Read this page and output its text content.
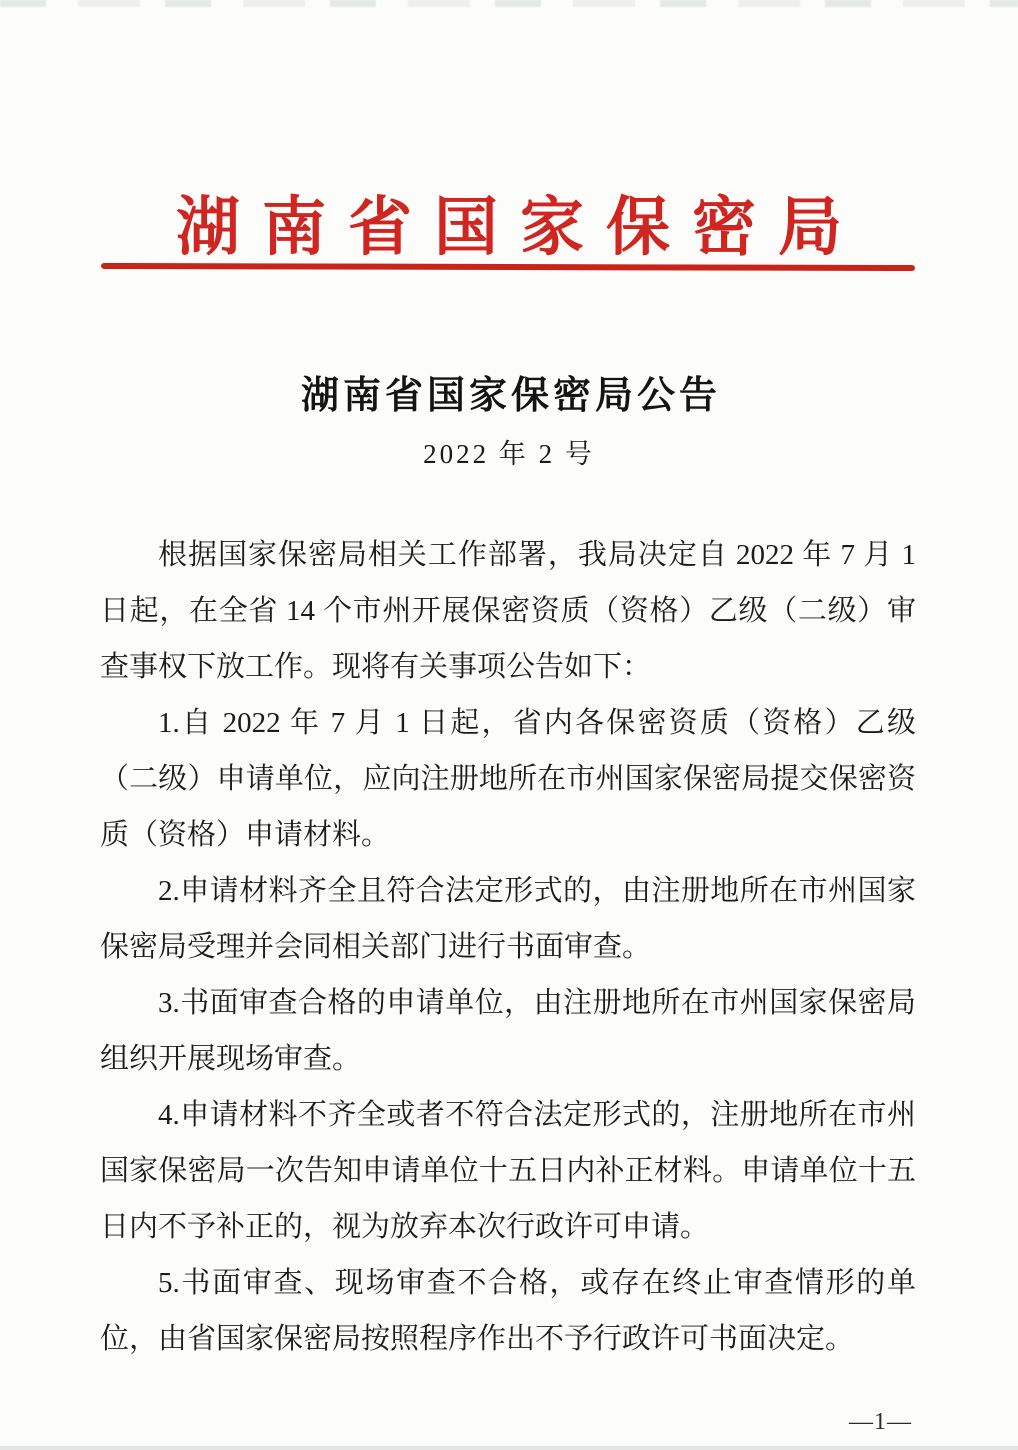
湖南省国家保密局
湖南省国家保密局公告
2022 年 2 号

根据国家保密局相关工作部署，我局决定自 2022 年 7 月 1 日起，在全省 14 个市州开展保密资质（资格）乙级（二级）审查事权下放工作。现将有关事项公告如下：

1.自 2022 年 7 月 1 日起，省内各保密资质（资格）乙级（二级）申请单位，应向注册地所在市州国家保密局提交保密资质（资格）申请材料。

2.申请材料齐全且符合法定形式的，由注册地所在市州国家保密局受理并会同相关部门进行书面审查。

3.书面审查合格的申请单位，由注册地所在市州国家保密局组织开展现场审查。

4.申请材料不齐全或者不符合法定形式的，注册地所在市州国家保密局一次告知申请单位十五日内补正材料。申请单位十五日内不予补正的，视为放弃本次行政许可申请。

5.书面审查、现场审查不合格，或存在终止审查情形的单位，由省国家保密局按照程序作出不予行政许可书面决定。

—1—
